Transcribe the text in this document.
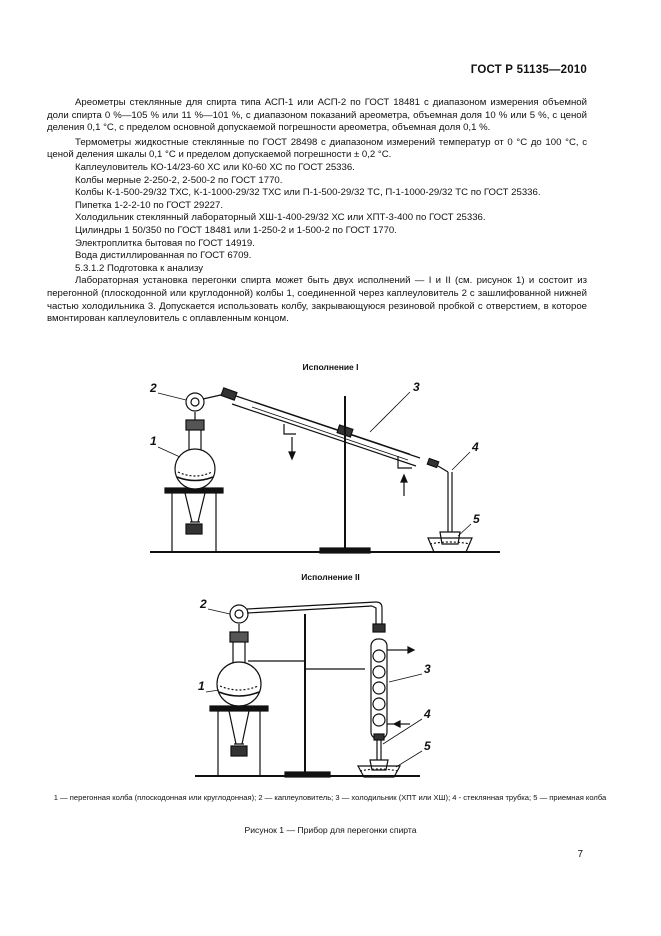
ГОСТ Р 51135—2010

Ареометры стеклянные для спирта типа АСП-1 или АСП-2 по ГОСТ 18481 с диапазоном измерения объемной доли спирта 0 %—105 % или 11 %—101 %, с диапазоном показаний ареометра, объемная доля 10 % или 5 %, с ценой деления 0,1 °С, с пределом основной допускаемой погрешности ареометра, объемная доля 0,1 %.

Термометры жидкостные стеклянные по ГОСТ 28498 с диапазоном измерений температур от 0 °С до 100 °С, с ценой деления шкалы 0,1 °С и пределом допускаемой погрешности ± 0,2 °С.

Каплеуловитель КО-14/23-60 ХС или К0-60 ХС по ГОСТ 25336.

Колбы мерные 2-250-2, 2-500-2 по ГОСТ 1770.

Колбы К-1-500-29/32 ТХС, К-1-1000-29/32 ТХС или П-1-500-29/32 ТС, П-1-1000-29/32 ТС по ГОСТ 25336.

Пипетка 1-2-2-10 по ГОСТ 29227.

Холодильник стеклянный лабораторный ХШ-1-400-29/32 ХС или ХПТ-3-400 по ГОСТ 25336.

Цилиндры 1 50/350 по ГОСТ 18481 или 1-250-2 и 1-500-2 по ГОСТ 1770.

Электроплитка бытовая по ГОСТ 14919.

Вода дистиллированная по ГОСТ 6709.

5.3.1.2 Подготовка к анализу

Лабораторная установка перегонки спирта может быть двух исполнений — I и II (см. рисунок 1) и состоит из перегонной (плоскодонной или круглодонной) колбы 1, соединенной через каплеуловитель 2 с зашлифованной нижней частью холодильника 3. Допускается использовать колбу, закрывающуюся резиновой пробкой с отверстием, в которое вмонтирован каплеуловитель с оплавленным концом.

Исполнение I
2
1
3
4
5
Исполнение II
2
1
3
4
5
1 — перегонная колба (плоскодонная или круглодонная); 2 — каплеуловитель; 3 — холодильник (ХПТ или ХШ); 4 - стеклянная трубка; 5 — приемная колба
Рисунок 1 — Прибор для перегонки спирта
7
